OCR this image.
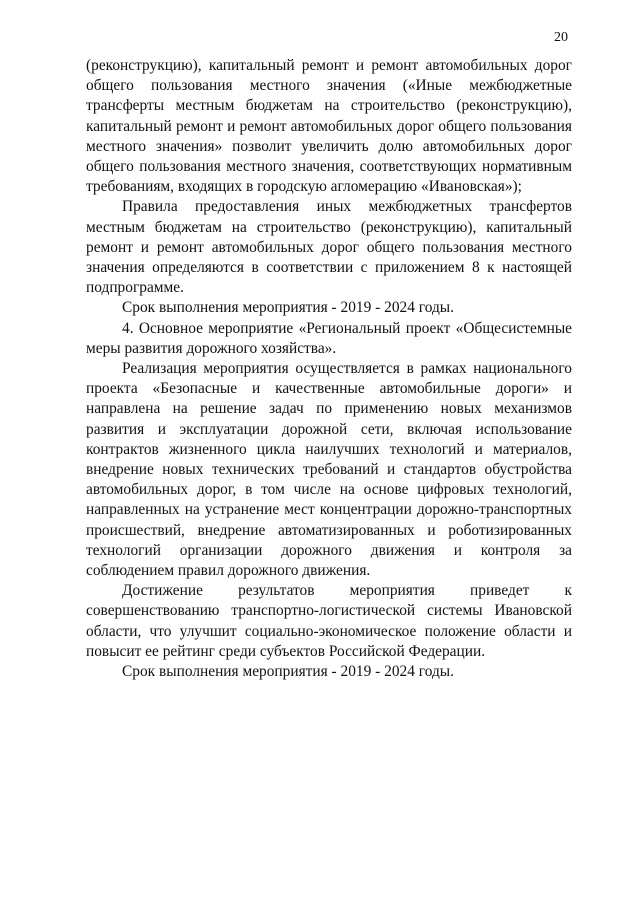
20

(реконструкцию), капитальный ремонт и ремонт автомобильных дорог общего пользования местного значения («Иные межбюджетные трансферты местным бюджетам на строительство (реконструкцию), капитальный ремонт и ремонт автомобильных дорог общего пользования местного значения» позволит увеличить долю автомобильных дорог общего пользования местного значения, соответствующих нормативным требованиям, входящих в городскую агломерацию «Ивановская»);

Правила предоставления иных межбюджетных трансфертов местным бюджетам на строительство (реконструкцию), капитальный ремонт и ремонт автомобильных дорог общего пользования местного значения определяются в соответствии с приложением 8 к настоящей подпрограмме.

Срок выполнения мероприятия - 2019 - 2024 годы.

4. Основное мероприятие «Региональный проект «Общесистемные меры развития дорожного хозяйства».

Реализация мероприятия осуществляется в рамках национального проекта «Безопасные и качественные автомобильные дороги» и направлена на решение задач по применению новых механизмов развития и эксплуатации дорожной сети, включая использование контрактов жизненного цикла наилучших технологий и материалов, внедрение новых технических требований и стандартов обустройства автомобильных дорог, в том числе на основе цифровых технологий, направленных на устранение мест концентрации дорожно-транспортных происшествий, внедрение автоматизированных и роботизированных технологий организации дорожного движения и контроля за соблюдением правил дорожного движения.

Достижение результатов мероприятия приведет к совершенствованию транспортно-логистической системы Ивановской области, что улучшит социально-экономическое положение области и повысит ее рейтинг среди субъектов Российской Федерации.

Срок выполнения мероприятия - 2019 - 2024 годы.
